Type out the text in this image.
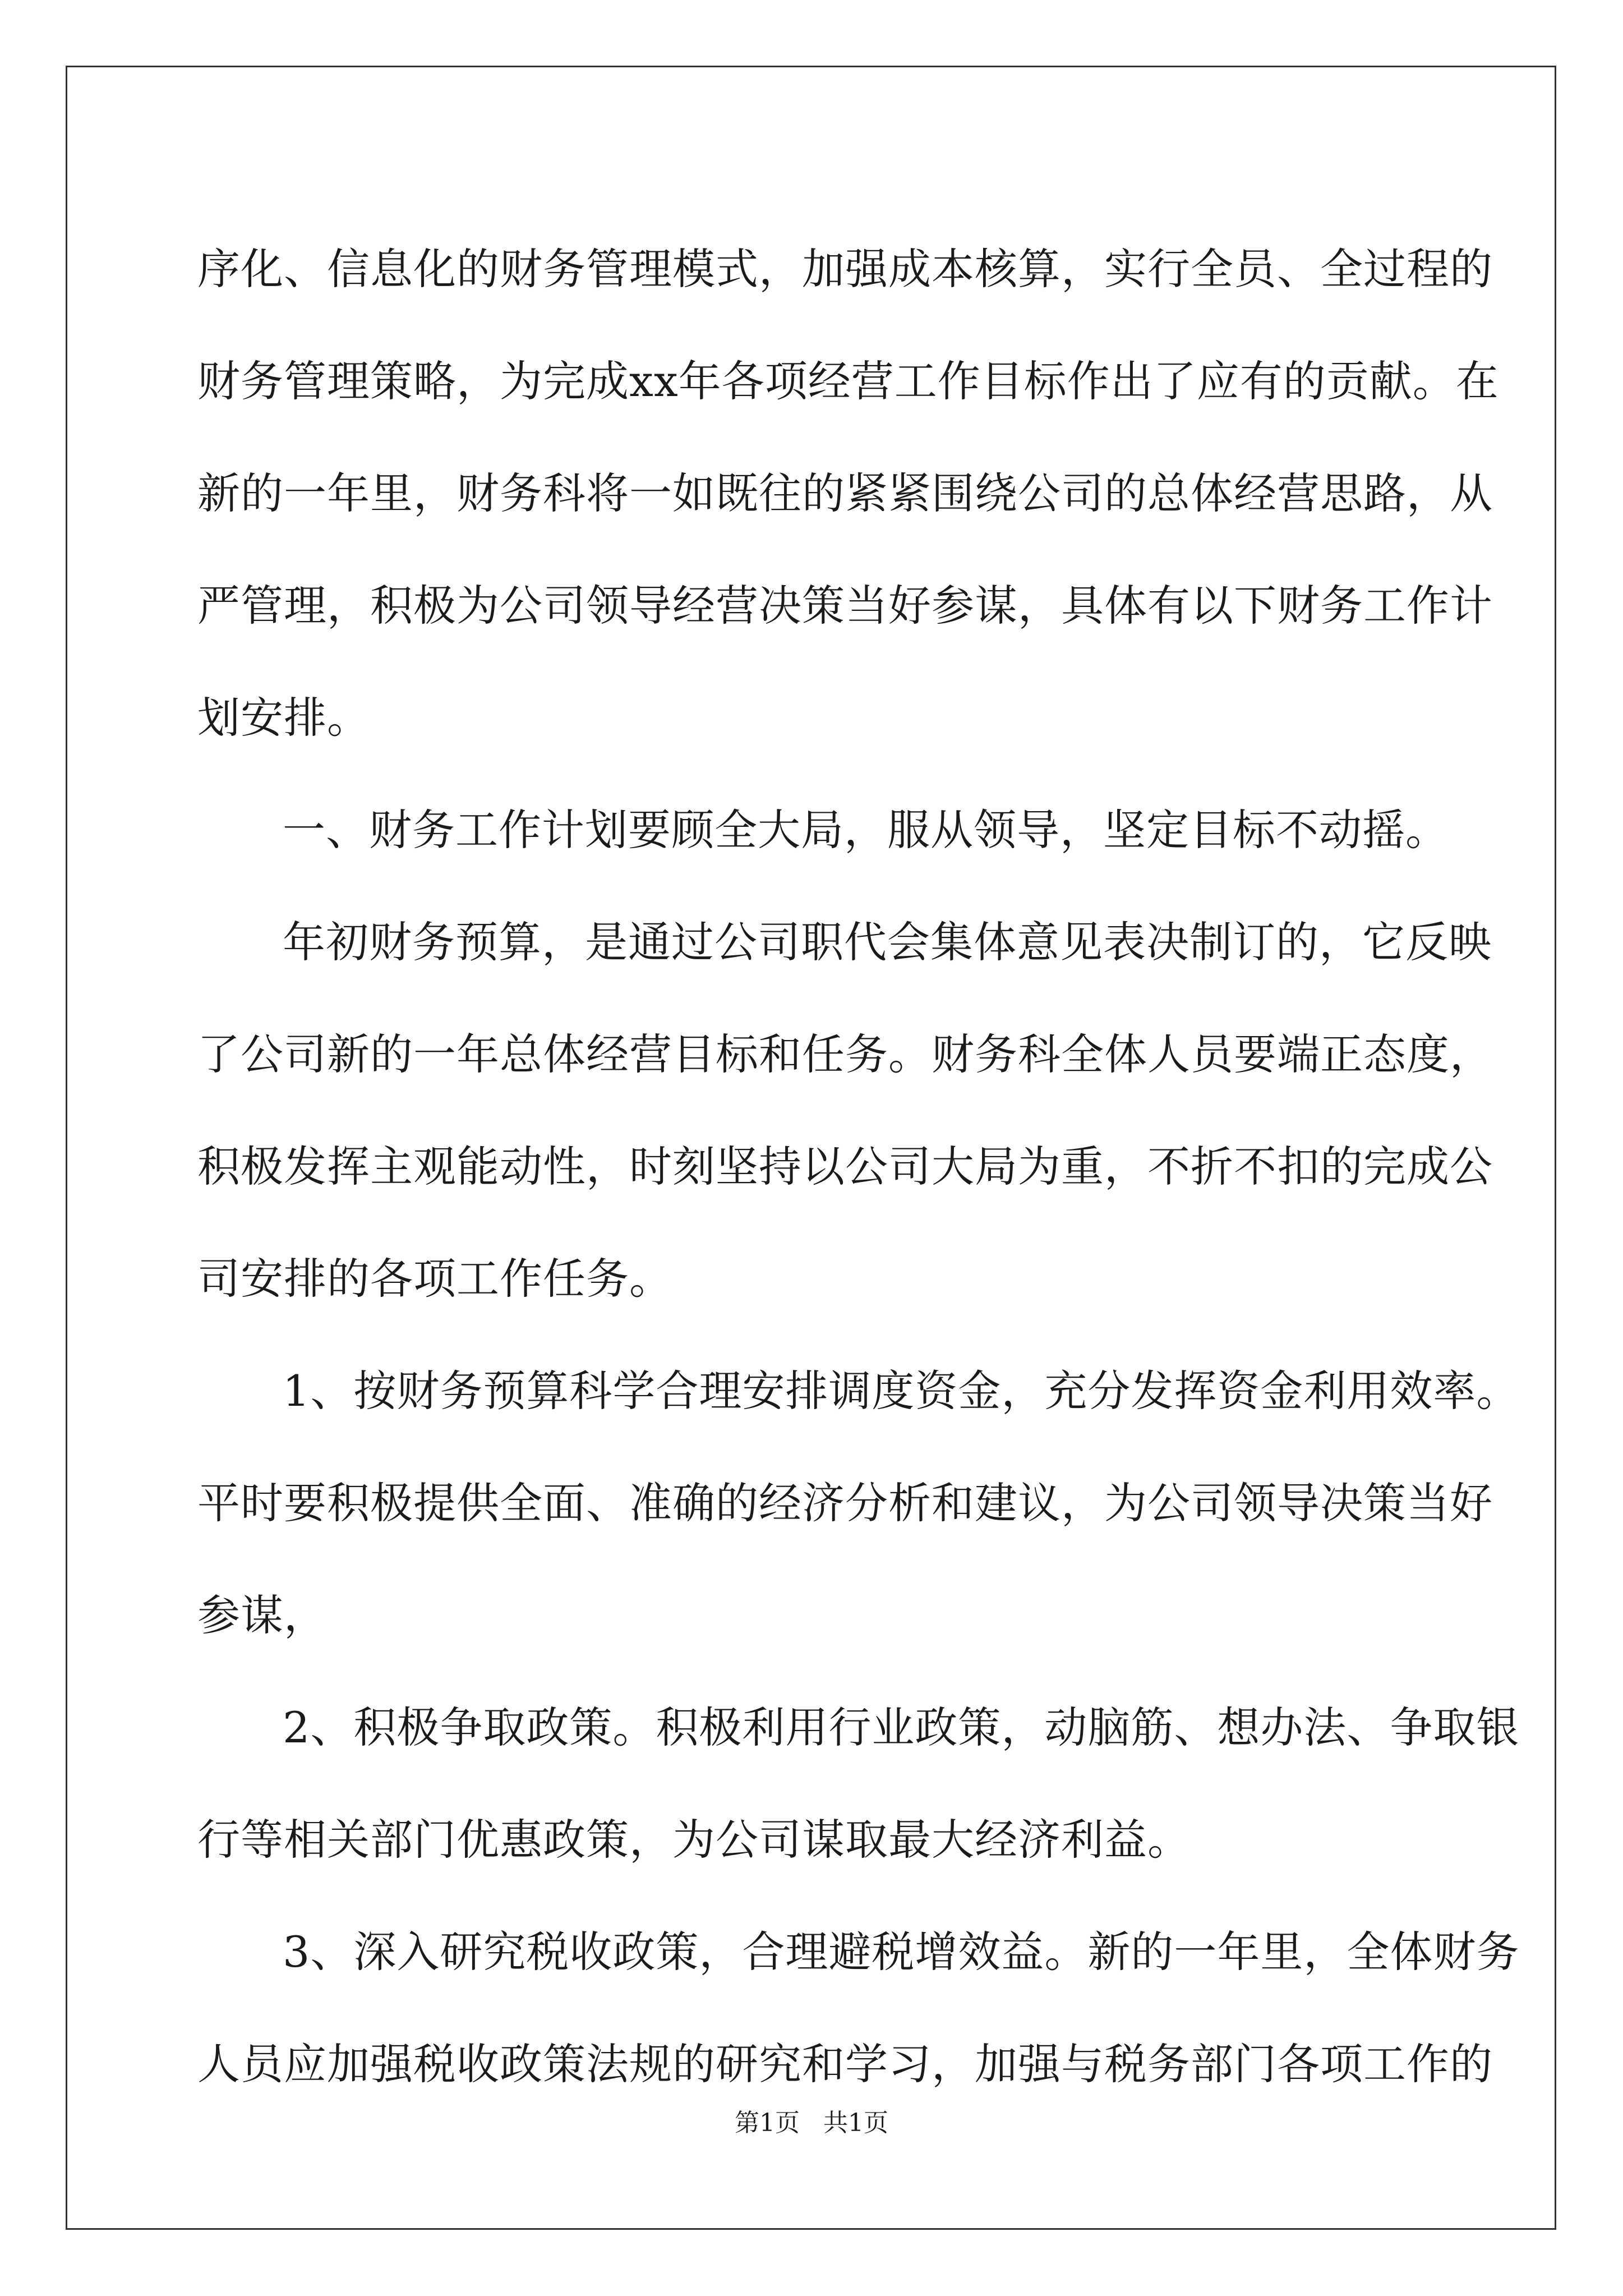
序化、信息化的财务管理模式，加强成本核算，实行全员、全过程的
财务管理策略，为完成xx年各项经营工作目标作出了应有的贡献。在
新的一年里，财务科将一如既往的紧紧围绕公司的总体经营思路，从
严管理，积极为公司领导经营决策当好参谋，具体有以下财务工作计
划安排。
一、财务工作计划要顾全大局，服从领导，坚定目标不动摇。
年初财务预算，是通过公司职代会集体意见表决制订的，它反映
了公司新的一年总体经营目标和任务。财务科全体人员要端正态度，
积极发挥主观能动性，时刻坚持以公司大局为重，不折不扣的完成公
司安排的各项工作任务。
1、按财务预算科学合理安排调度资金，充分发挥资金利用效率。
平时要积极提供全面、准确的经济分析和建议，为公司领导决策当好
参谋，
2、积极争取政策。积极利用行业政策，动脑筋、想办法、争取银
行等相关部门优惠政策，为公司谋取最大经济利益。
3、深入研究税收政策，合理避税增效益。新的一年里，全体财务
人员应加强税收政策法规的研究和学习，加强与税务部门各项工作的
第1页 共1页
